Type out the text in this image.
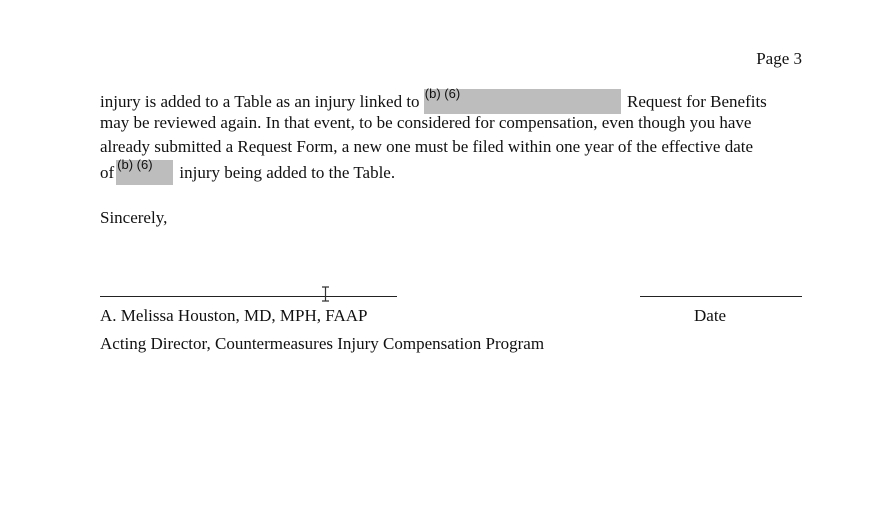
Page 3
injury is added to a Table as an injury linked to (b) (6)	Request for Benefits
may be reviewed again. In that event, to be considered for compensation, even though you have
already submitted a Request Form, a new one must be filed within one year of the effective date
of (b) (6) injury being added to the Table.
Sincerely,
A. Melissa Houston, MD, MPH, FAAP	Date
Acting Director, Countermeasures Injury Compensation Program
